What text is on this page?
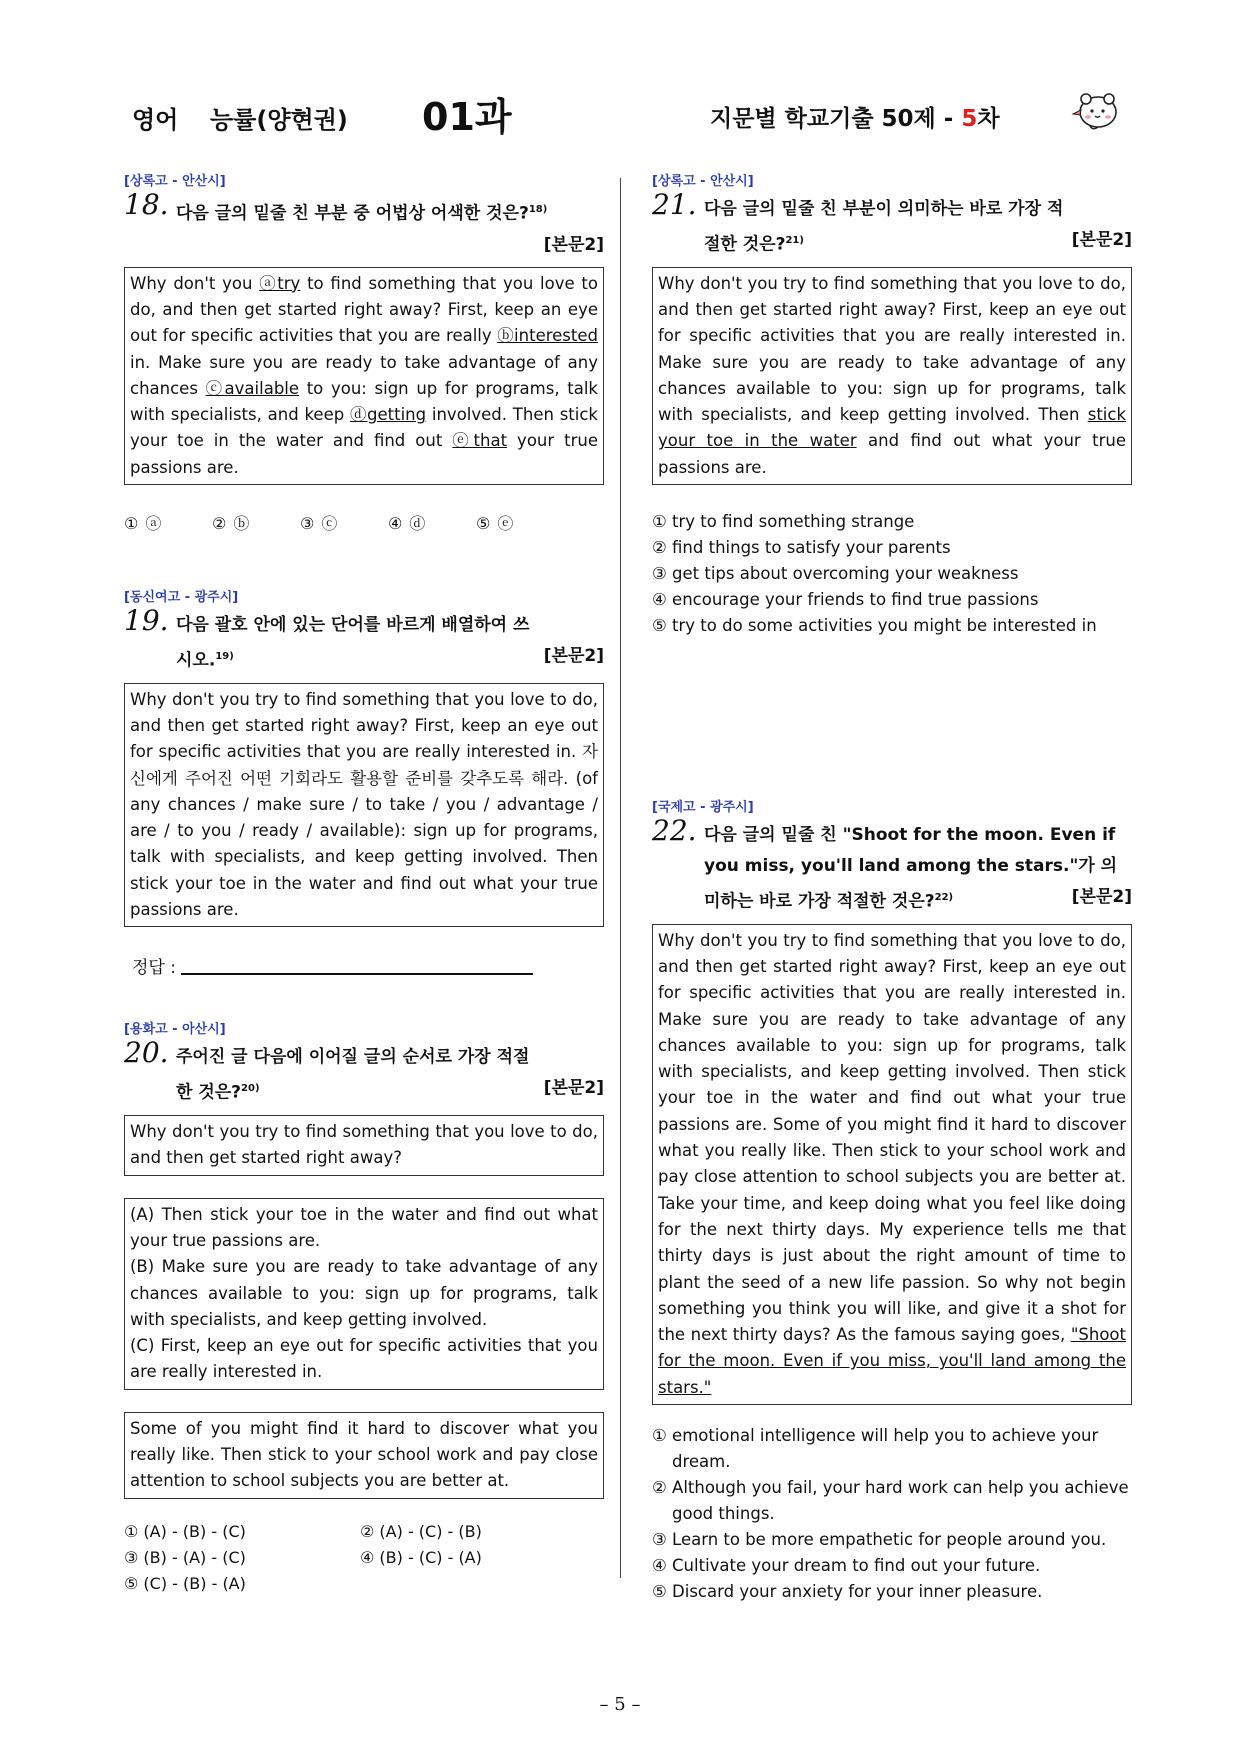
영어 능률(양현권) 01과	지문별 학교기출 50제 - 5차

[상록고 - 안산시]

18. 다음 글의 밑줄 친 부분 중 어법상 어색한 것은?$^{18)}$

[본문2]

Why don't you ⓐtry to find something that you love to do, and then get started right away? First, keep an eye out for specific activities that you are really ⓑinterested in. Make sure you are ready to take advantage of any chances ⓒavailable to you: sign up for programs, talk with specialists, and keep ⓓgetting involved. Then stick your toe in the water and find out ⓔthat your true passions are.
① ⓐ	② ⓑ	③ ⓒ	④ ⓓ	⑤ ⓔ

[동신여고 - 광주시]

19.
[본문2]
다음 괄호 안에 있는 단어를 바르게 배열하여 쓰시오.$^{19)}$
Why don't you try to find something that you love to do, and then get started right away? First, keep an eye out for specific activities that you are really interested in. 자신에게 주어진 어떤 기회라도 활용할 준비를 갖추도록 해라. (of any chances / make sure / to take / you / advantage / are / to you / ready / available): sign up for programs, talk with specialists, and keep getting involved. Then stick your toe in the water and find out what your true passions are.
정답 :

[용화고 - 아산시]

20.
[본문2]
주어진 글 다음에 이어질 글의 순서로 가장 적절한 것은?$^{20)}$
Why don't you try to find something that you love to do, and then get started right away?
(A) Then stick your toe in the water and find out what your true passions are.
(B) Make sure you are ready to take advantage of any chances available to you: sign up for programs, talk with specialists, and keep getting involved.
(C) First, keep an eye out for specific activities that you are really interested in.
Some of you might find it hard to discover what you really like. Then stick to your school work and pay close attention to school subjects you are better at.
① (A) - (B) - (C)	② (A) - (C) - (B)
③ (B) - (A) - (C)	④ (B) - (C) - (A)
⑤ (C) - (B) - (A)

[상록고 - 안산시]

21.
[본문2]
다음 글의 밑줄 친 부분이 의미하는 바로 가장 적절한 것은?$^{21)}$
Why don't you try to find something that you love to do, and then get started right away? First, keep an eye out for specific activities that you are really interested in. Make sure you are ready to take advantage of any chances available to you: sign up for programs, talk with specialists, and keep getting involved. Then stick your toe in the water and find out what your true passions are.
① try to find something strange
② find things to satisfy your parents
③ get tips about overcoming your weakness
④ encourage your friends to find true passions
⑤ try to do some activities you might be interested in

[국제고 - 광주시]

22. 다음 글의 밑줄 친 "Shoot for the moon. Even if you miss, you'll land among the stars."가 의미하는 바로 가장 적절한 것은?$^{22)}$	[본문2]
Why don't you try to find something that you love to do, and then get started right away? First, keep an eye out for specific activities that you are really interested in. Make sure you are ready to take advantage of any chances available to you: sign up for programs, talk with specialists, and keep getting involved. Then stick your toe in the water and find out what your true passions are. Some of you might find it hard to discover what you really like. Then stick to your school work and pay close attention to school subjects you are better at. Take your time, and keep doing what you feel like doing for the next thirty days. My experience tells me that thirty days is just about the right amount of time to plant the seed of a new life passion. So why not begin something you think you will like, and give it a shot for the next thirty days? As the famous saying goes, "Shoot for the moon. Even if you miss, you'll land among the stars."
① emotional intelligence will help you to achieve your dream.
② Although you fail, your hard work can help you achieve good things.
③ Learn to be more empathetic for people around you.
④ Cultivate your dream to find out your future.
⑤ Discard your anxiety for your inner pleasure.
– 5 –
